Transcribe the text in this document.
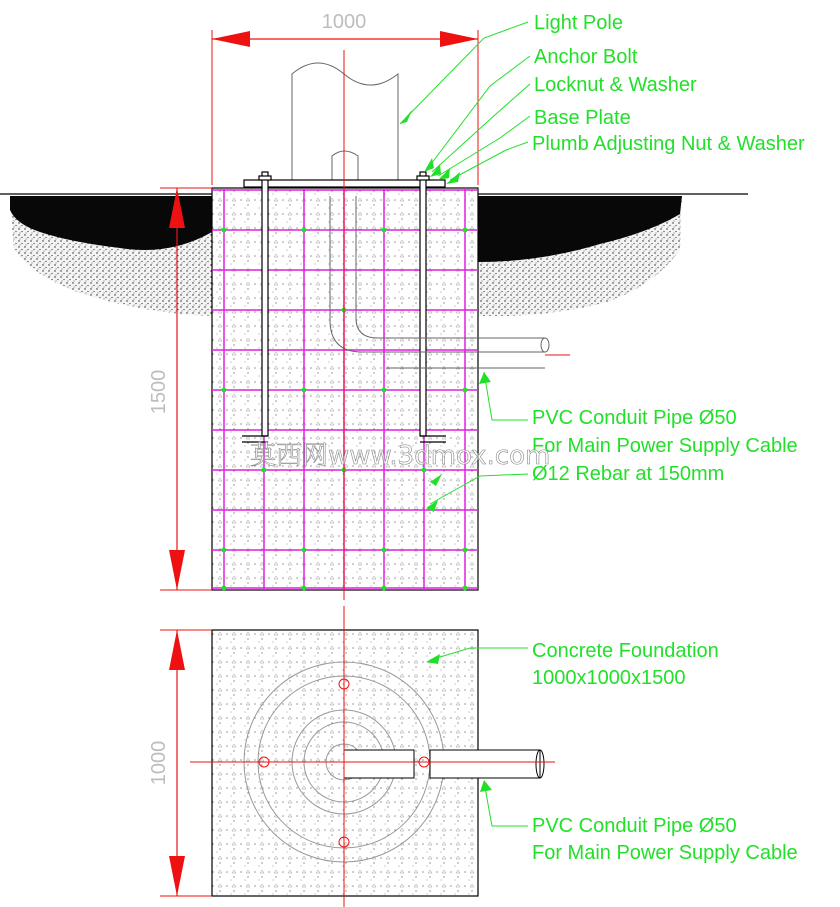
1000
1500
1000
Light Pole
Anchor Bolt
Locknut & Washer
Base Plate
Plumb Adjusting Nut & Washer
PVC Conduit Pipe Ø50
For Main Power Supply Cable
Ø12 Rebar at 150mm
Concrete Foundation
1000x1000x1500
PVC Conduit Pipe Ø50
For Main Power Supply Cable
莫西网www.3dmox.com
